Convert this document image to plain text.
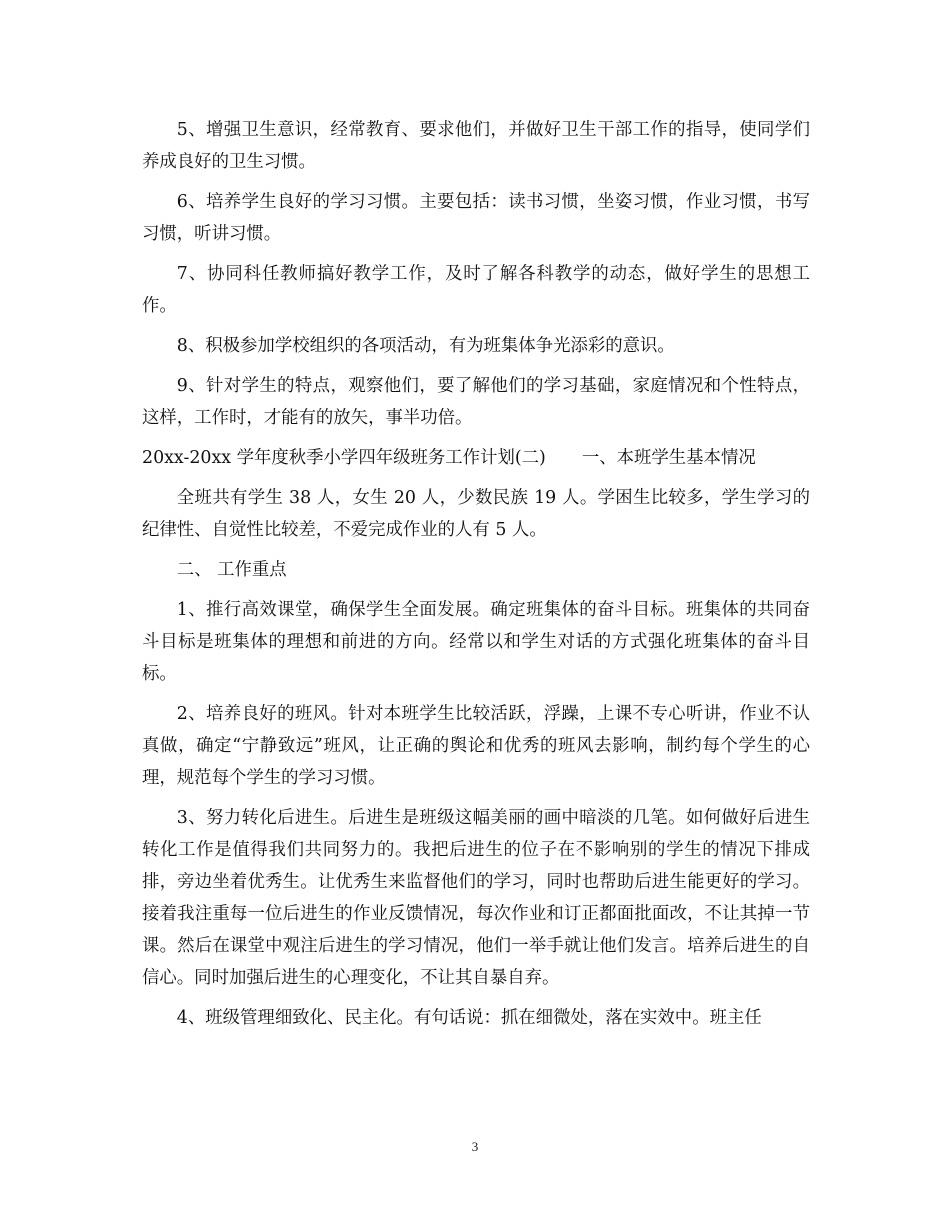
5、增强卫生意识，经常教育、要求他们，并做好卫生干部工作的指导，使同学们养成良好的卫生习惯。

6、培养学生良好的学习习惯。主要包括：读书习惯，坐姿习惯，作业习惯，书写习惯，听讲习惯。

7、协同科任教师搞好教学工作，及时了解各科教学的动态，做好学生的思想工作。

8、积极参加学校组织的各项活动，有为班集体争光添彩的意识。

9、针对学生的特点，观察他们，要了解他们的学习基础，家庭情况和个性特点，这样，工作时，才能有的放矢，事半功倍。

20xx-20xx 学年度秋季小学四年级班务工作计划(二) 一、本班学生基本情况

全班共有学生 38 人，女生 20 人，少数民族 19 人。学困生比较多，学生学习的纪律性、自觉性比较差，不爱完成作业的人有 5 人。

二、 工作重点

1、推行高效课堂，确保学生全面发展。确定班集体的奋斗目标。班集体的共同奋斗目标是班集体的理想和前进的方向。经常以和学生对话的方式强化班集体的奋斗目标。

2、培养良好的班风。针对本班学生比较活跃，浮躁，上课不专心听讲，作业不认真做，确定“宁静致远”班风，让正确的舆论和优秀的班风去影响，制约每个学生的心理，规范每个学生的学习习惯。

3、努力转化后进生。后进生是班级这幅美丽的画中暗淡的几笔。如何做好后进生转化工作是值得我们共同努力的。我把后进生的位子在不影响别的学生的情况下排成排，旁边坐着优秀生。让优秀生来监督他们的学习，同时也帮助后进生能更好的学习。接着我注重每一位后进生的作业反馈情况，每次作业和订正都面批面改，不让其掉一节课。然后在课堂中观注后进生的学习情况，他们一举手就让他们发言。培养后进生的自信心。同时加强后进生的心理变化，不让其自暴自弃。

4、班级管理细致化、民主化。有句话说：抓在细微处，落在实效中。班主任

3
